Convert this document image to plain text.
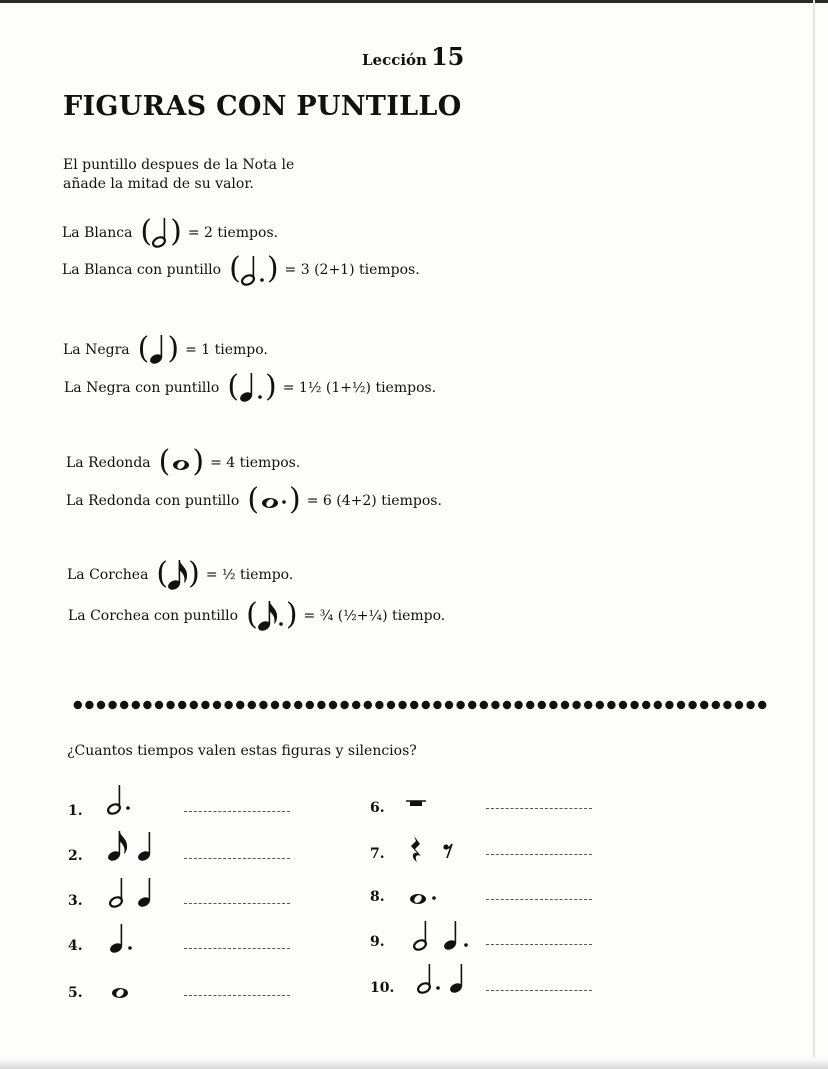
Lección 15
FIGURAS CON PUNTILLO
El puntillo despues de la Nota le
añade la mitad de su valor.
La Blanca ( ) = 2 tiempos.
La Blanca con puntillo ( ) = 3 (2+1) tiempos.
La Negra ( ) = 1 tiempo.
La Negra con puntillo ( ) = 1½ (1+½) tiempos.
La Redonda ( ) = 4 tiempos.
La Redonda con puntillo ( ) = 6 (4+2) tiempos.
La Corchea ( ) = ½ tiempo.
La Corchea con puntillo ( ) = ¾ (½+¼) tiempo.
¿Cuantos tiempos valen estas figuras y silencios?
1.
2.
3.
4.
5.
6.
7.
8.
9.
10.
